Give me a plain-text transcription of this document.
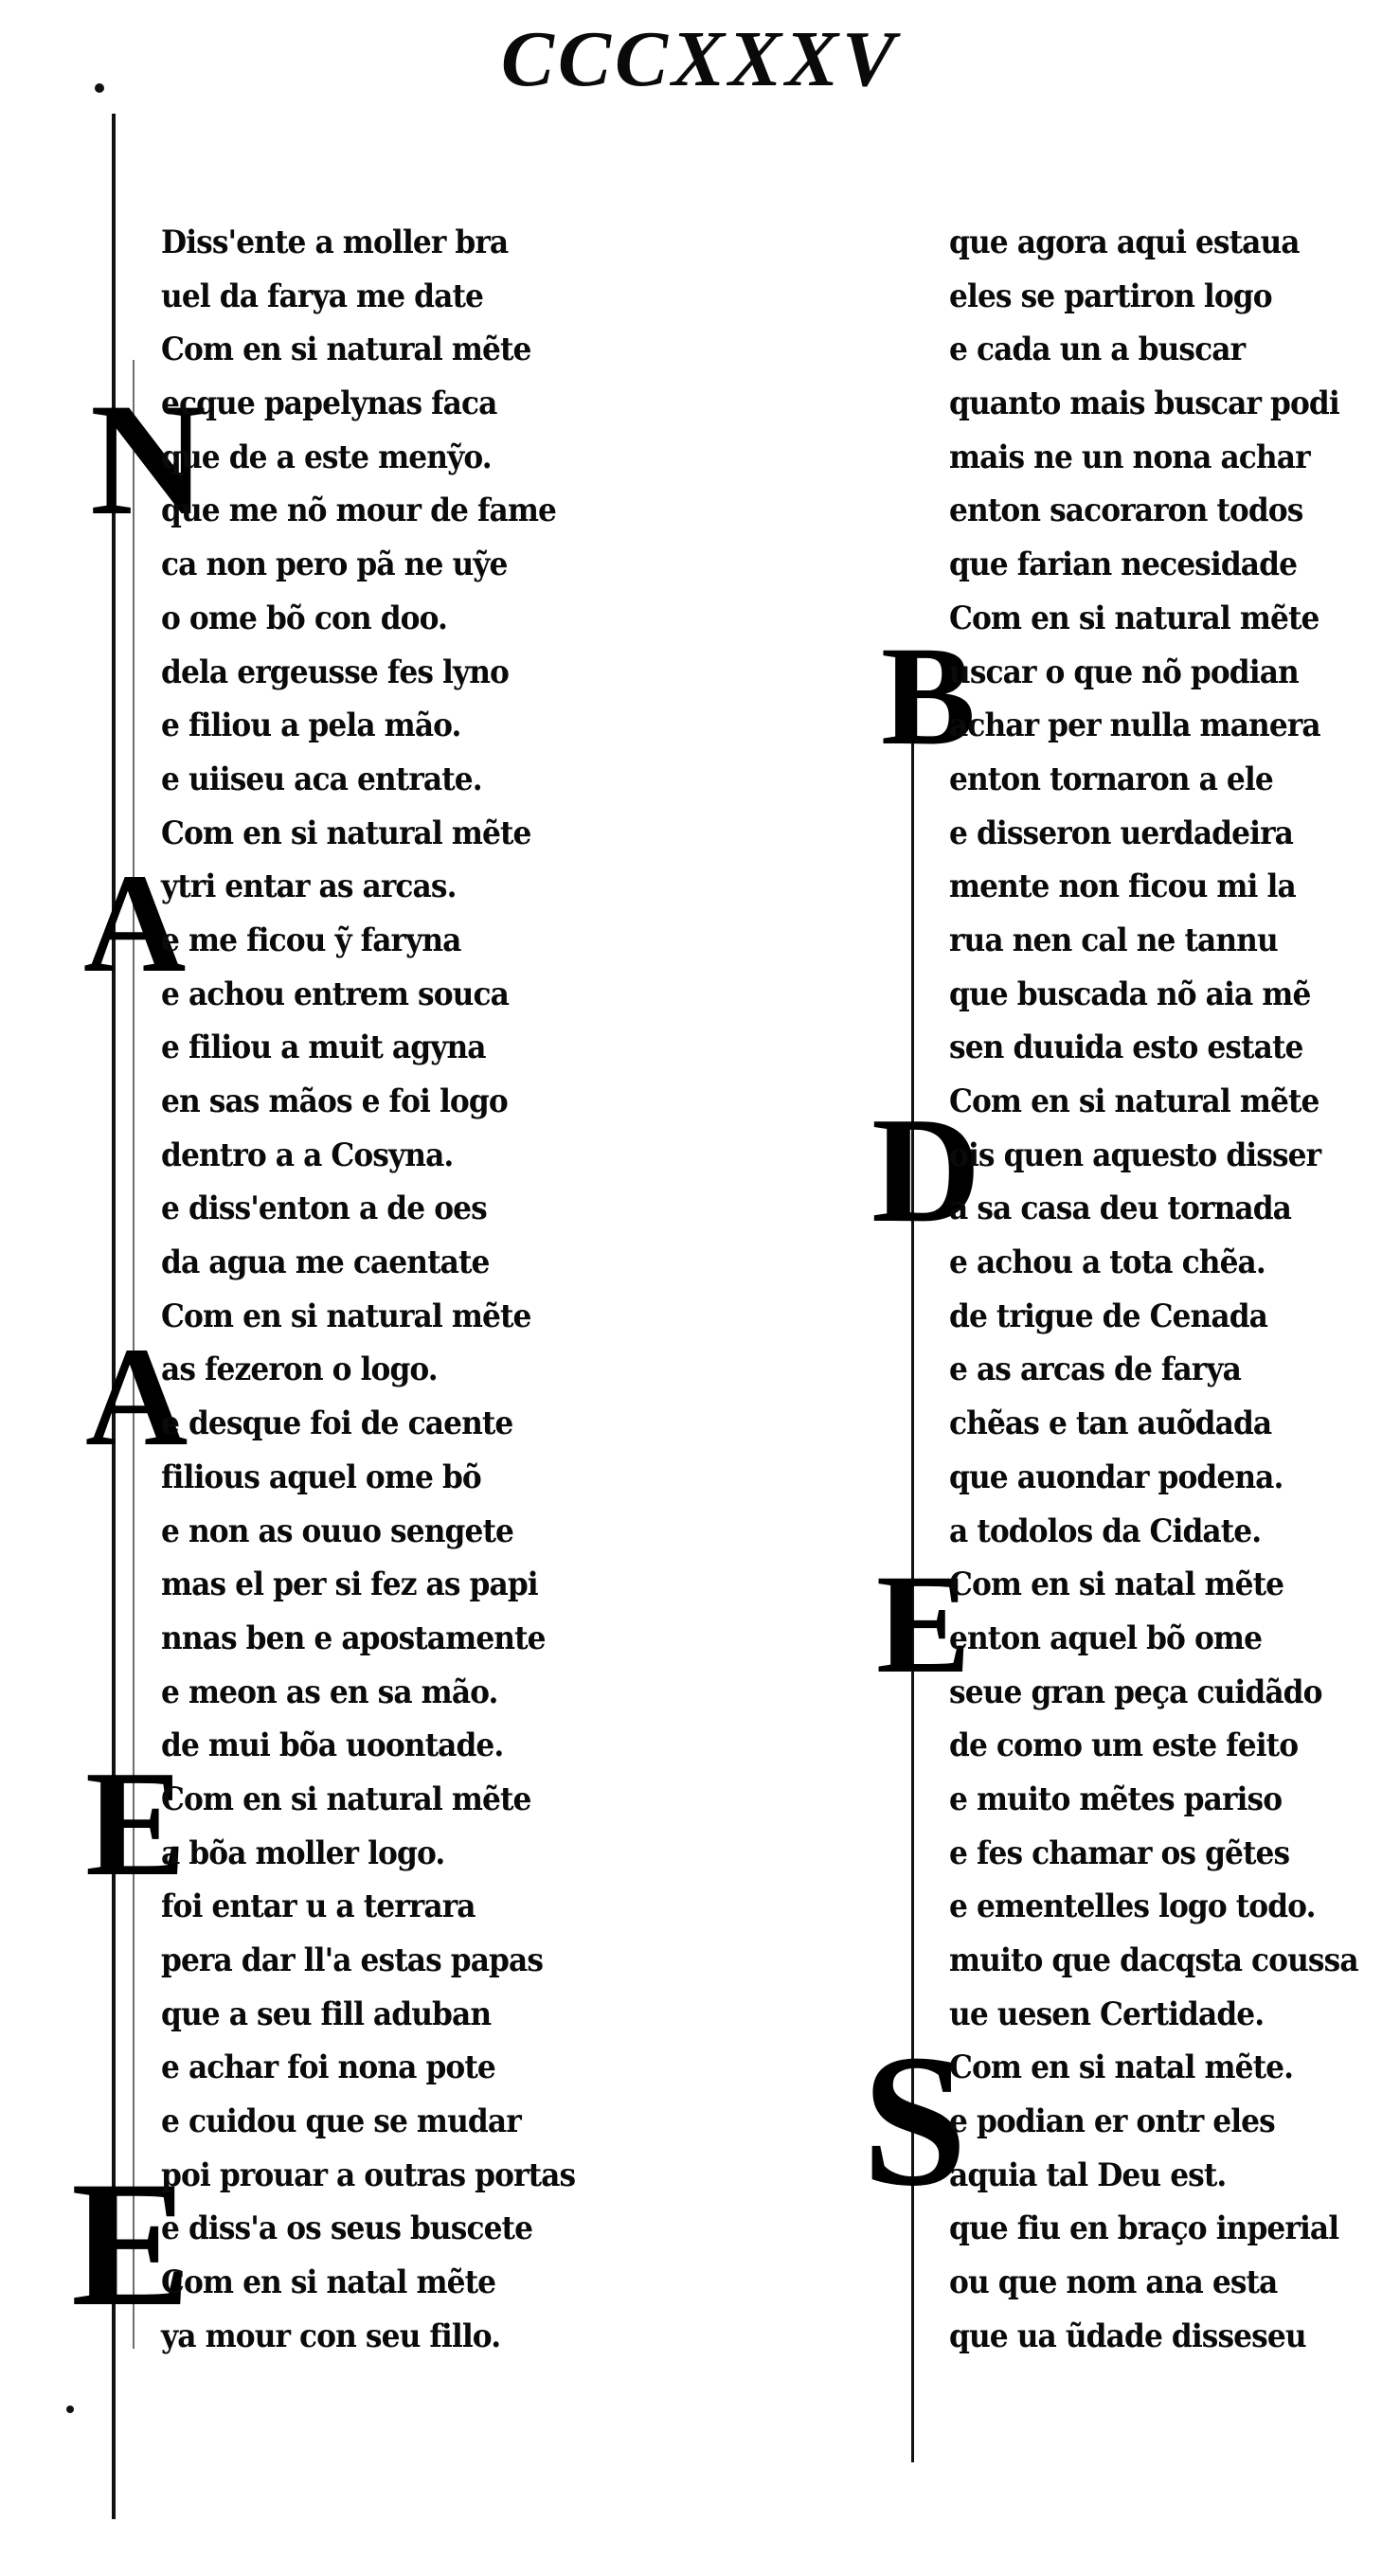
CCCXXXV
N
A
A
E
E
B
D
E
S
Diss'ente a moller bra
uel da farya me date
Com en si natural mẽte
ecque papelynas faca
que de a este menỹo.
que me nõ mour de fame
ca non pero pã ne uỹe
o ome bõ con doo.
dela ergeusse fes lyno
e filiou a pela mão.
e uiiseu aca entrate.
Com en si natural mẽte
ytri entar as arcas.
e me ficou ỹ faryna
e achou entrem souca
e filiou a muit agyna
en sas mãos e foi logo
dentro a a Cosyna.
e diss'enton a de oes
da agua me caentate
Com en si natural mẽte
as fezeron o logo.
e desque foi de caente
filious aquel ome bõ
e non as ouuo sengete
mas el per si fez as papi
nnas ben e apostamente
e meon as en sa mão.
de mui bõa uoontade.
Com en si natural mẽte
a bõa moller logo.
foi entar u a terrara
pera dar ll'a estas papas
que a seu fill aduban
e achar foi nona pote
e cuidou que se mudar
poi prouar a outras portas
e diss'a os seus buscete
Com en si natal mẽte
ya mour con seu fillo.
que agora aqui estaua
eles se partiron logo
e cada un a buscar
quanto mais buscar podi
mais ne un nona achar
enton sacoraron todos
que farian necesidade
Com en si natural mẽte
uscar o que nõ podian
achar per nulla manera
enton tornaron a ele
e disseron uerdadeira
mente non ficou mi la
rua nen cal ne tannu
que buscada nõ aia mẽ
sen duuida esto estate
Com en si natural mẽte
ois quen aquesto disser
a sa casa deu tornada
e achou a tota chẽa.
de trigue de Cenada
e as arcas de farya
chẽas e tan auõdada
que auondar podena.
a todolos da Cidate.
Com en si natal mẽte
enton aquel bõ ome
seue gran peça cuidãdo
de como um este feito
e muito mẽtes pariso
e fes chamar os gẽtes
e ementelles logo todo.
muito que dacqsta coussa
ue uesen Certidade.
Com en si natal mẽte.
e podian er ontr eles
aquia tal Deu est.
que fiu en braço inperial
ou que nom ana esta
que ua ũdade disseseu
